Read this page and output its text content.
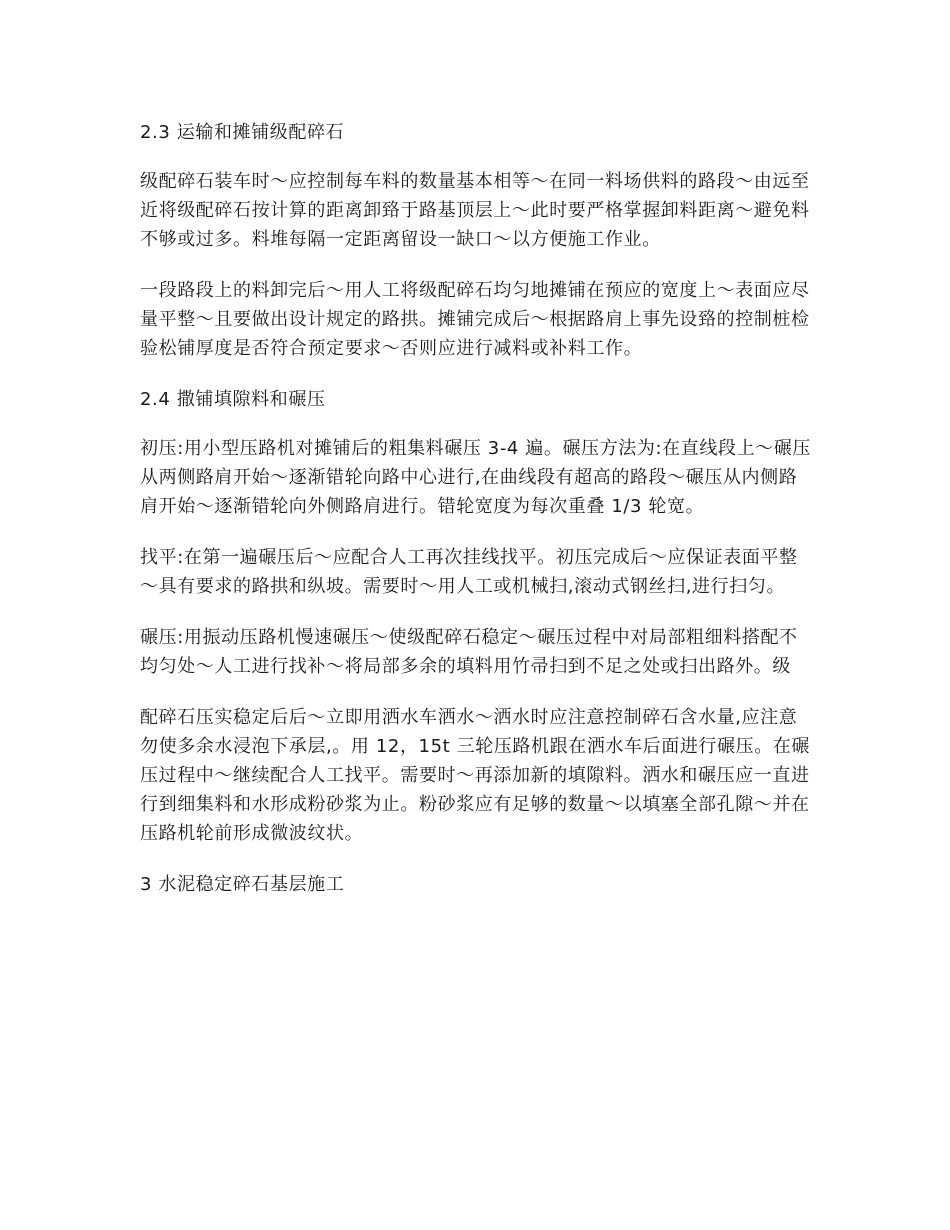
2.3 运输和摊铺级配碎石

级配碎石装车时～应控制每车料的数量基本相等～在同一料场供料的路段～由远至近将级配碎石按计算的距离卸臵于路基顶层上～此时要严格掌握卸料距离～避免料不够或过多。料堆每隔一定距离留设一缺口～以方便施工作业。

一段路段上的料卸完后～用人工将级配碎石均匀地摊铺在预应的宽度上～表面应尽量平整～且要做出设计规定的路拱。摊铺完成后～根据路肩上事先设臵的控制桩检验松铺厚度是否符合预定要求～否则应进行减料或补料工作。

2.4 撒铺填隙料和碾压

初压:用小型压路机对摊铺后的粗集料碾压 3-4 遍。碾压方法为:在直线段上～碾压从两侧路肩开始～逐渐错轮向路中心进行,在曲线段有超高的路段～碾压从内侧路肩开始～逐渐错轮向外侧路肩进行。错轮宽度为每次重叠 1/3 轮宽。

找平:在第一遍碾压后～应配合人工再次挂线找平。初压完成后～应保证表面平整～具有要求的路拱和纵坡。需要时～用人工或机械扫,滚动式钢丝扫,进行扫匀。

碾压:用振动压路机慢速碾压～使级配碎石稳定～碾压过程中对局部粗细料搭配不均匀处～人工进行找补～将局部多余的填料用竹帚扫到不足之处或扫出路外。级

配碎石压实稳定后后～立即用洒水车洒水～洒水时应注意控制碎石含水量,应注意勿使多余水浸泡下承层,。用 12，15t 三轮压路机跟在洒水车后面进行碾压。在碾压过程中～继续配合人工找平。需要时～再添加新的填隙料。洒水和碾压应一直进行到细集料和水形成粉砂浆为止。粉砂浆应有足够的数量～以填塞全部孔隙～并在压路机轮前形成微波纹状。

3 水泥稳定碎石基层施工
